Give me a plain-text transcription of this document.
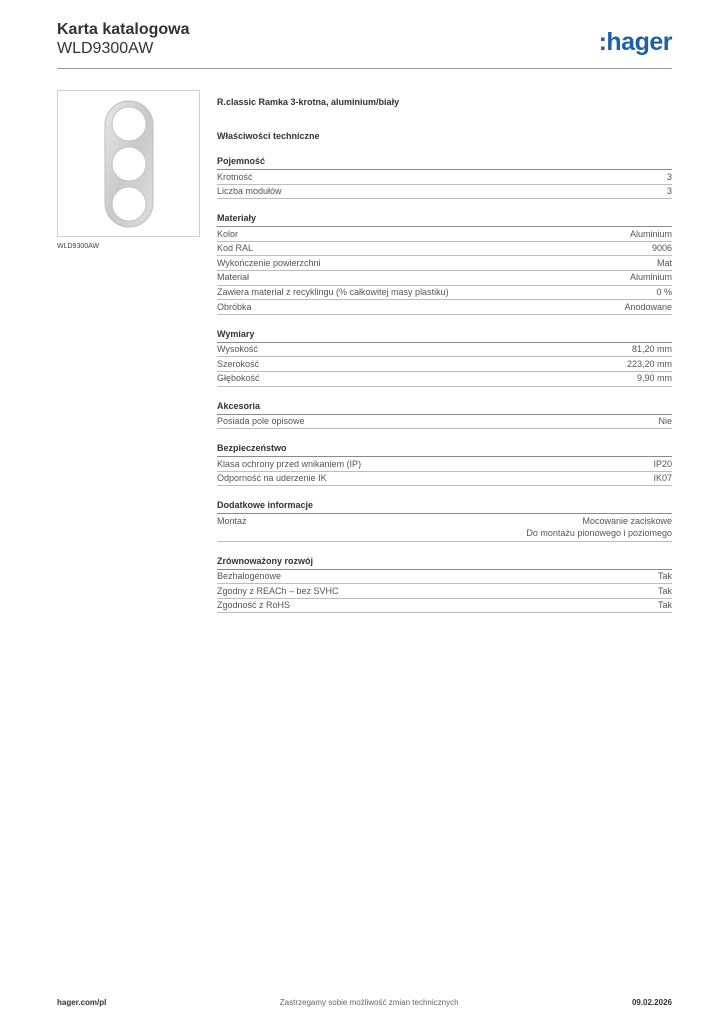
Karta katalogowa
WLD9300AW	:hager
WLD9300AW
R.classic Ramka 3-krotna, aluminium/biały
Właściwości techniczne
Pojemność
Krotność	3
Liczba modułów	3
Materiały
Kolor	Aluminium
Kod RAL	9006
Wykończenie powierzchni	Mat
Materiał	Aluminium
Zawiera materiał z recyklingu (% całkowitej masy plastiku)	0 %
Obróbka	Anodowane
Wymiary
Wysokość	81,20 mm
Szerokość	223,20 mm
Głębokość	9,90 mm
Akcesoria
Posiada pole opisowe	Nie
Bezpieczeństwo
Klasa ochrony przed wnikaniem (IP)	IP20
Odporność na uderzenie IK	IK07
Dodatkowe informacje
Montaż	Mocowanie zaciskowe
Do montażu pionowego i poziomego
Zrównoważony rozwój
Bezhalogenowe	Tak
Zgodny z REACh – bez SVHC	Tak
Zgodność z RoHS	Tak
hager.com/pl	Zastrzegamy sobie możliwość zmian technicznych	09.02.2026
